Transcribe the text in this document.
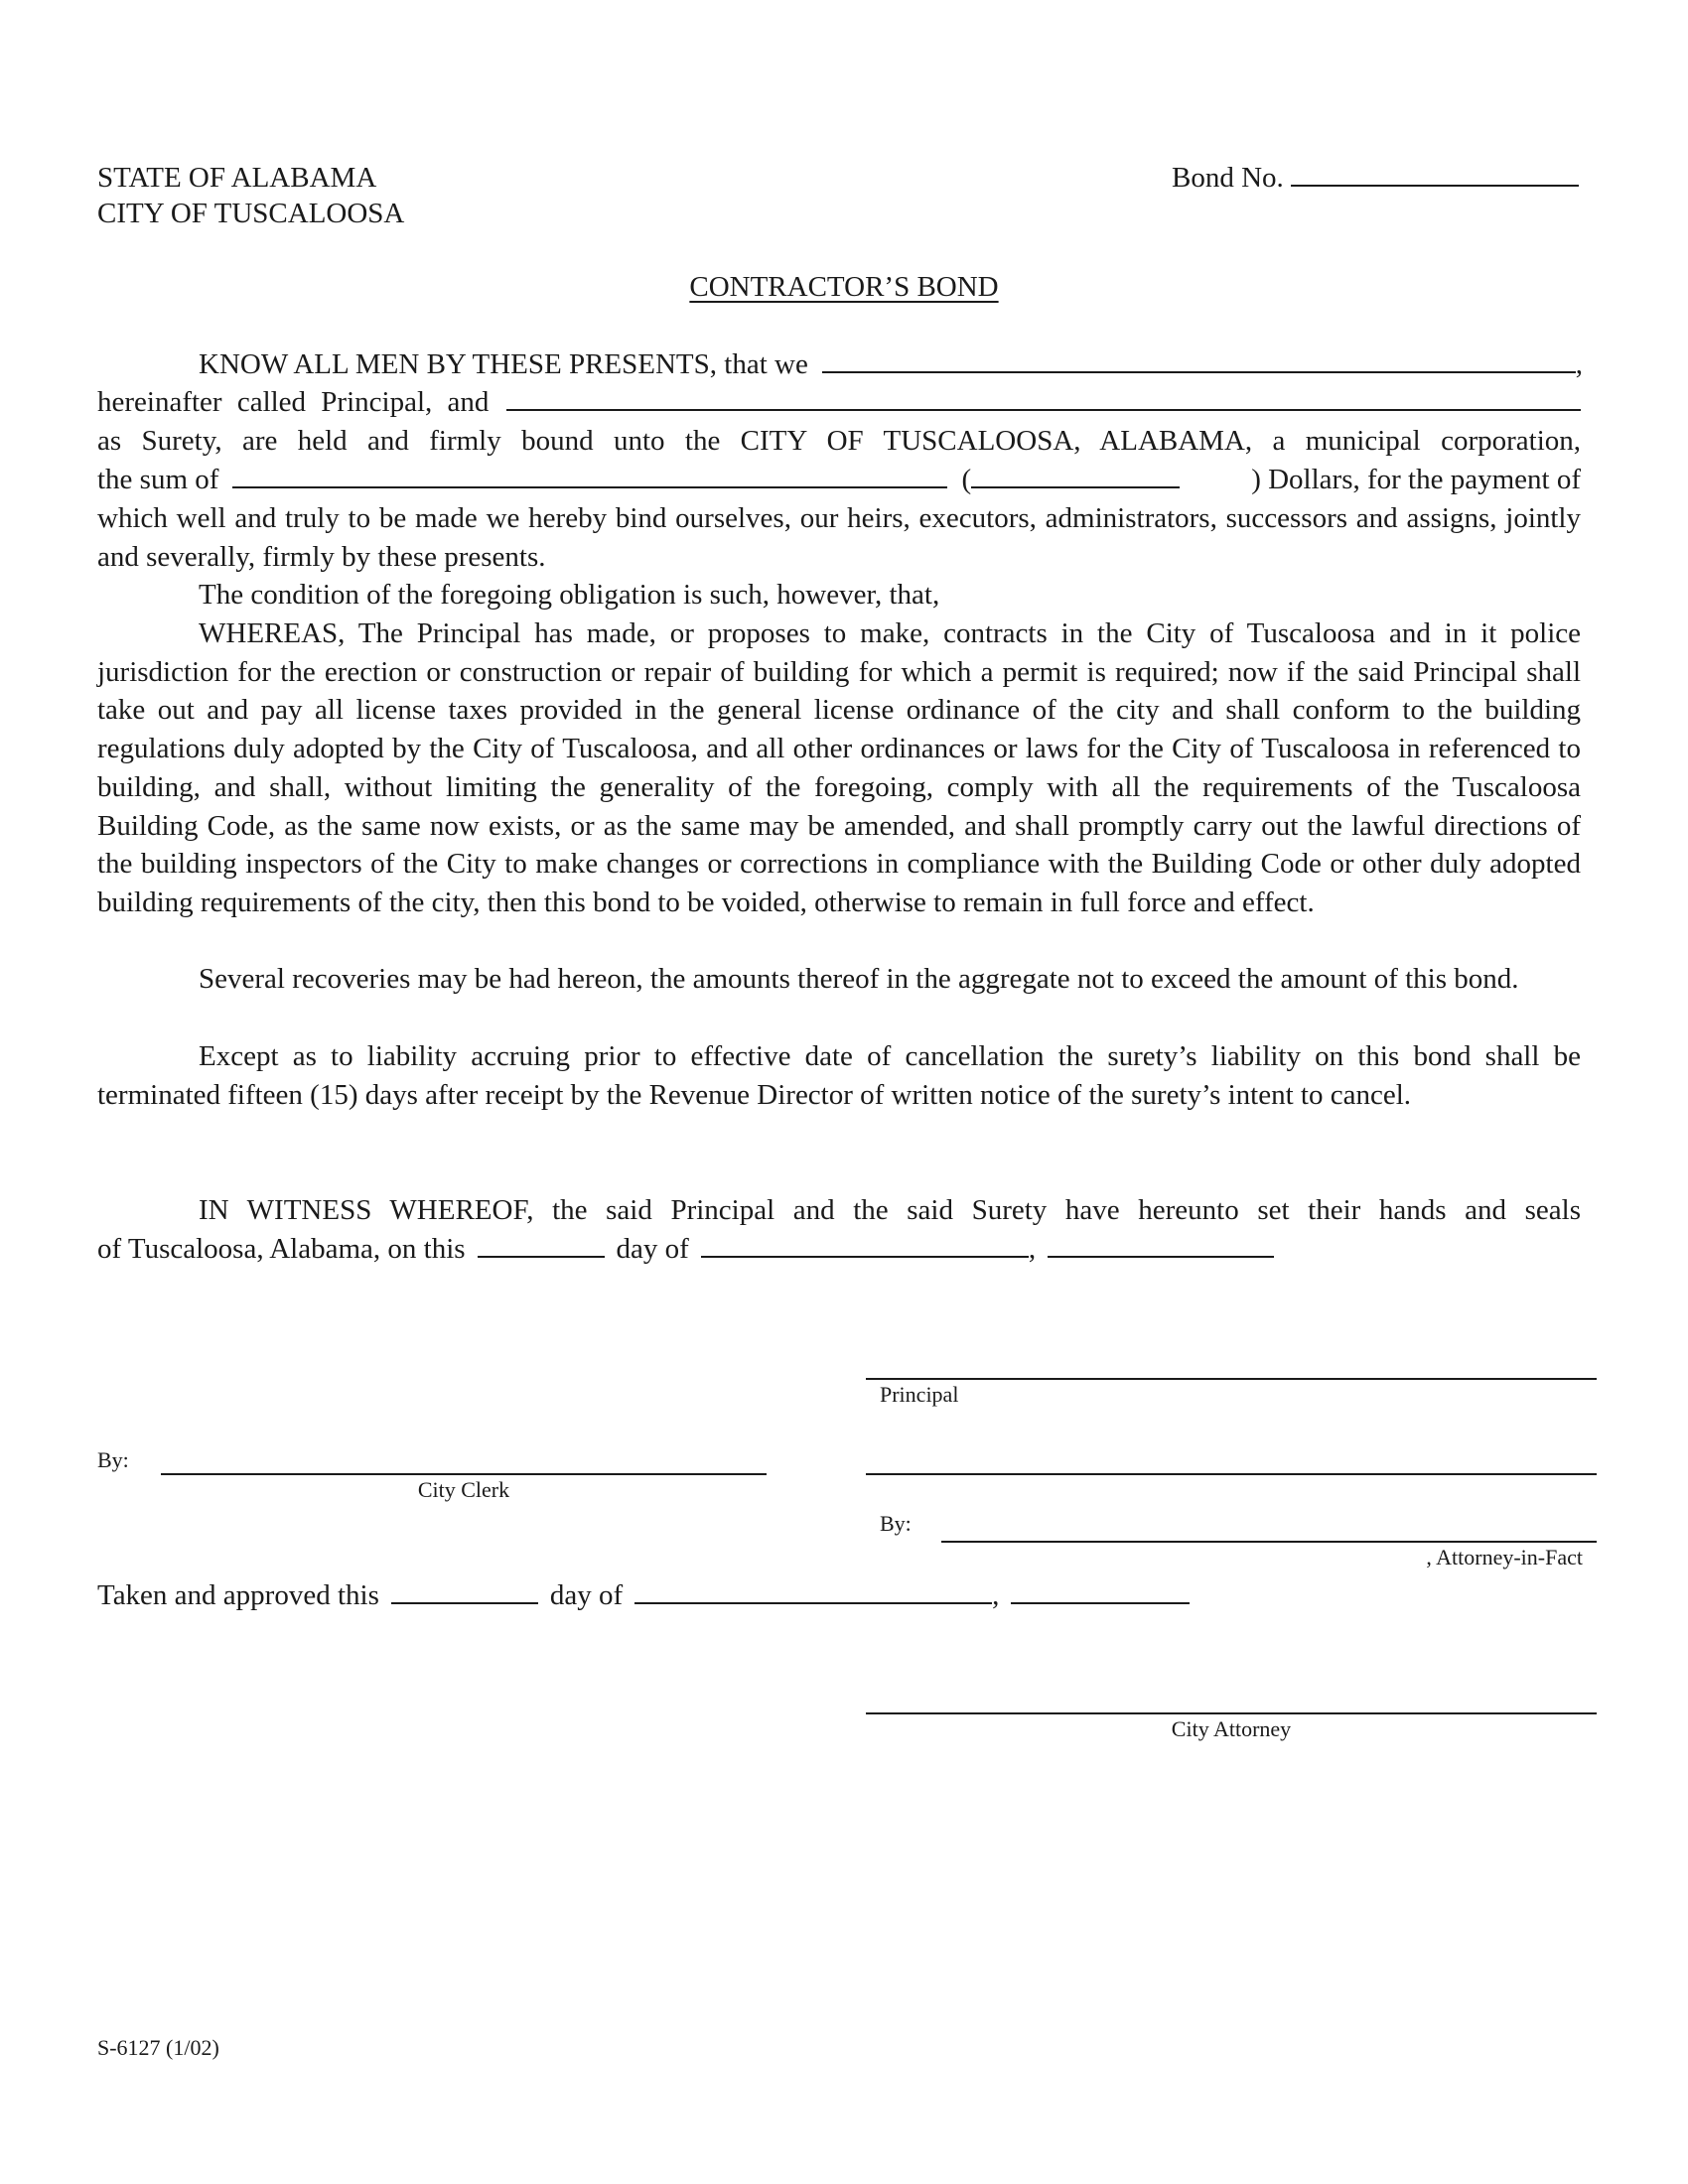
STATE OF ALABAMA
CITY OF TUSCALOOSA
Bond No.
CONTRACTOR’S BOND
KNOW ALL MEN BY THESE PRESENTS, that we	,
hereinafter called Principal, and
as Surety, are held and firmly bound unto the CITY OF TUSCALOOSA, ALABAMA, a municipal corporation,
the sum of	(	) Dollars, for the payment of

which well and truly to be made we hereby bind ourselves, our heirs, executors, administrators, successors and assigns, jointly and severally, firmly by these presents.

The condition of the foregoing obligation is such, however, that,

WHEREAS, The Principal has made, or proposes to make, contracts in the City of Tuscaloosa and in it police jurisdiction for the erection or construction or repair of building for which a permit is required; now if the said Principal shall take out and pay all license taxes provided in the general license ordinance of the city and shall conform to the building regulations duly adopted by the City of Tuscaloosa, and all other ordinances or laws for the City of Tuscaloosa in referenced to building, and shall, without limiting the generality of the foregoing, comply with all the requirements of the Tuscaloosa Building Code, as the same now exists, or as the same may be amended, and shall promptly carry out the lawful directions of the building inspectors of the City to make changes or corrections in compliance with the Building Code or other duly adopted building requirements of the city, then this bond to be voided, otherwise to remain in full force and effect.

Several recoveries may be had hereon, the amounts thereof in the aggregate not to exceed the amount of this bond.

Except as to liability accruing prior to effective date of cancellation the surety’s liability on this bond shall be terminated fifteen (15) days after receipt by the Revenue Director of written notice of the surety’s intent to cancel.

IN WITNESS WHEREOF, the said Principal and the said Surety have hereunto set their hands and seals
of Tuscaloosa, Alabama, on this	day of	,
Principal
By:
City Clerk
By:
, Attorney-in-Fact
Taken and approved this	day of	,
City Attorney
S-6127 (1/02)
